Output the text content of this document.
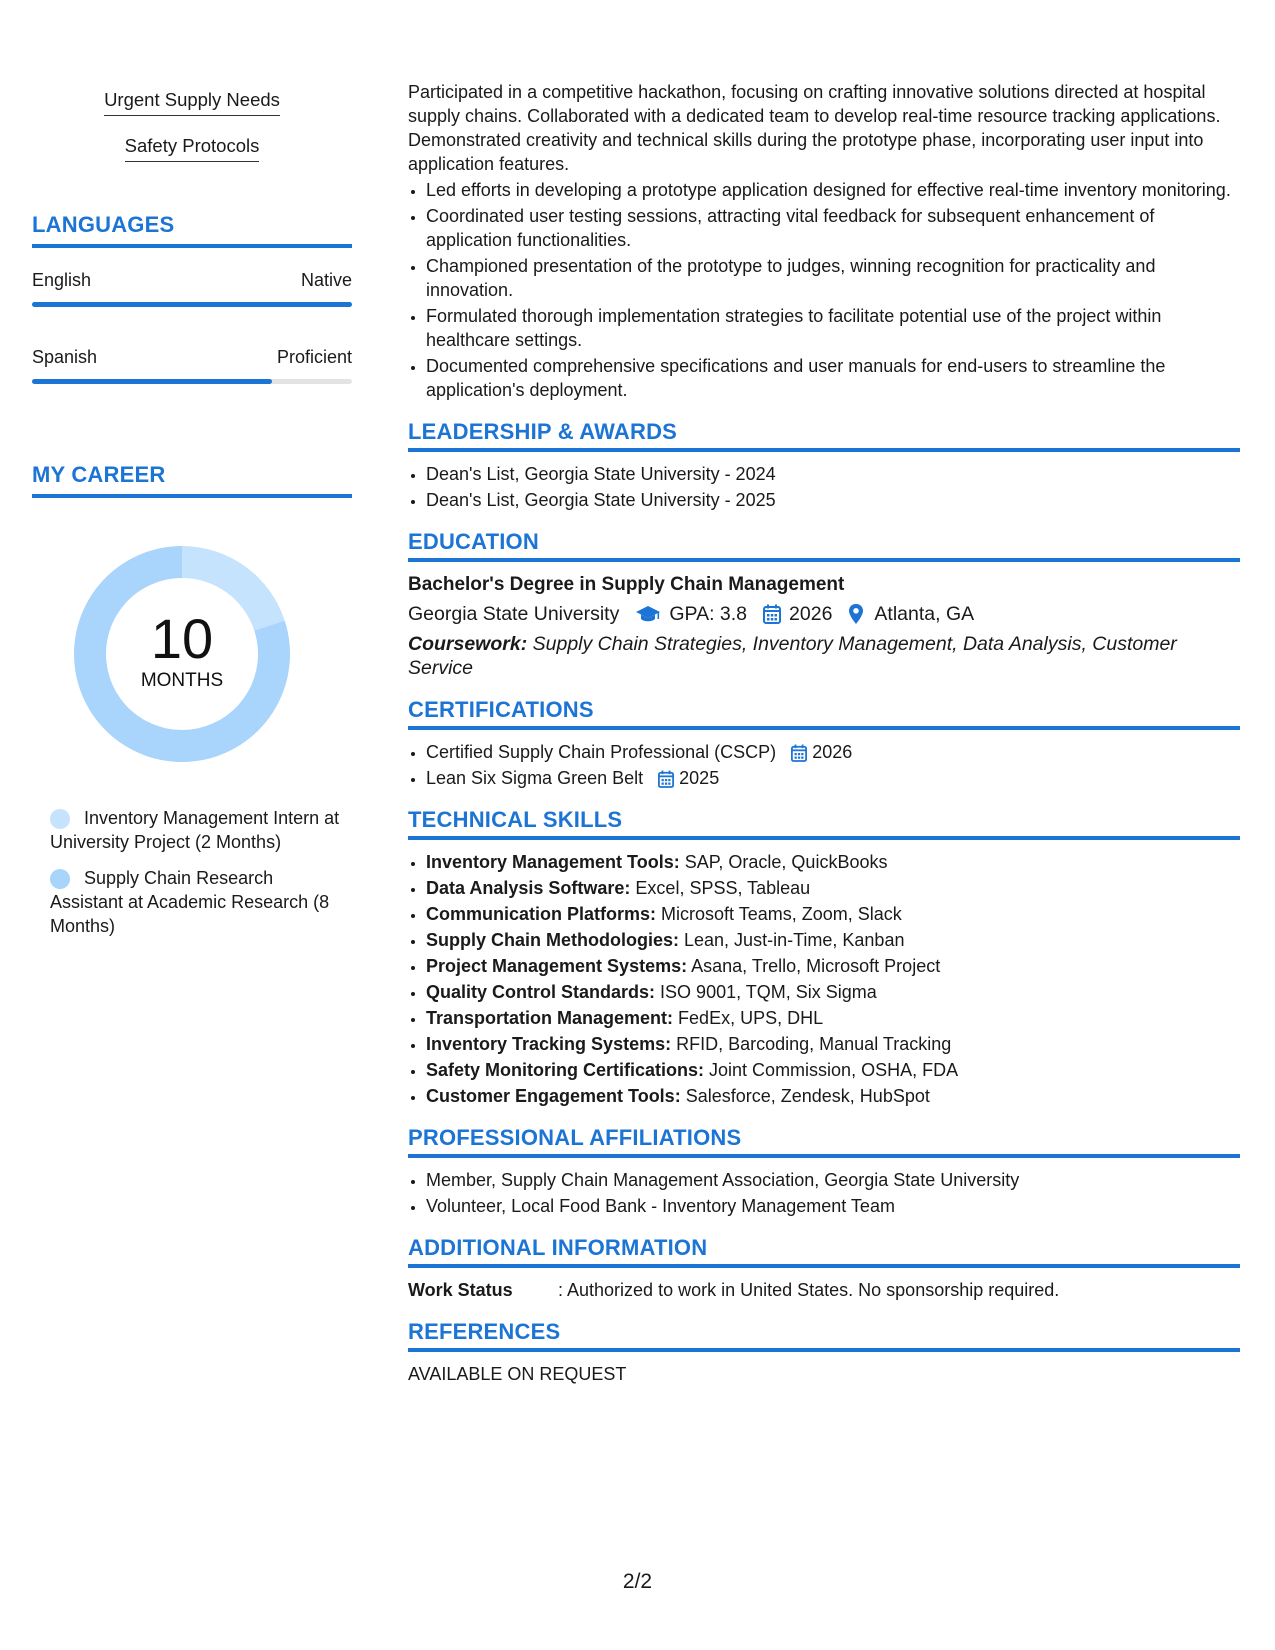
Urgent Supply Needs
Safety Protocols
LANGUAGES
English	Native
Spanish	Proficient
MY CAREER
10
MONTHS
Inventory Management Intern at University Project (2 Months)
Supply Chain Research Assistant at Academic Research (8 Months)

Participated in a competitive hackathon, focusing on crafting innovative solutions directed at hospital supply chains. Collaborated with a dedicated team to develop real-time resource tracking applications. Demonstrated creativity and technical skills during the prototype phase, incorporating user input into application features.

• Led efforts in developing a prototype application designed for effective real-time inventory monitoring.
• Coordinated user testing sessions, attracting vital feedback for subsequent enhancement of application functionalities.
• Championed presentation of the prototype to judges, winning recognition for practicality and innovation.
• Formulated thorough implementation strategies to facilitate potential use of the project within healthcare settings.
• Documented comprehensive specifications and user manuals for end-users to streamline the application's deployment.
LEADERSHIP & AWARDS
• Dean's List, Georgia State University - 2024
• Dean's List, Georgia State University - 2025
EDUCATION
Bachelor's Degree in Supply Chain Management
Georgia State University	GPA: 3.8 2026 Atlanta, GA
Coursework: Supply Chain Strategies, Inventory Management, Data Analysis, Customer Service
CERTIFICATIONS
• Certified Supply Chain Professional (CSCP) 2026
• Lean Six Sigma Green Belt 2025
TECHNICAL SKILLS
• Inventory Management Tools: SAP, Oracle, QuickBooks
• Data Analysis Software: Excel, SPSS, Tableau
• Communication Platforms: Microsoft Teams, Zoom, Slack
• Supply Chain Methodologies: Lean, Just-in-Time, Kanban
• Project Management Systems: Asana, Trello, Microsoft Project
• Quality Control Standards: ISO 9001, TQM, Six Sigma
• Transportation Management: FedEx, UPS, DHL
• Inventory Tracking Systems: RFID, Barcoding, Manual Tracking
• Safety Monitoring Certifications: Joint Commission, OSHA, FDA
• Customer Engagement Tools: Salesforce, Zendesk, HubSpot
PROFESSIONAL AFFILIATIONS
• Member, Supply Chain Management Association, Georgia State University
• Volunteer, Local Food Bank - Inventory Management Team
ADDITIONAL INFORMATION
Work Status	: Authorized to work in United States. No sponsorship required.
REFERENCES

AVAILABLE ON REQUEST

2/2
